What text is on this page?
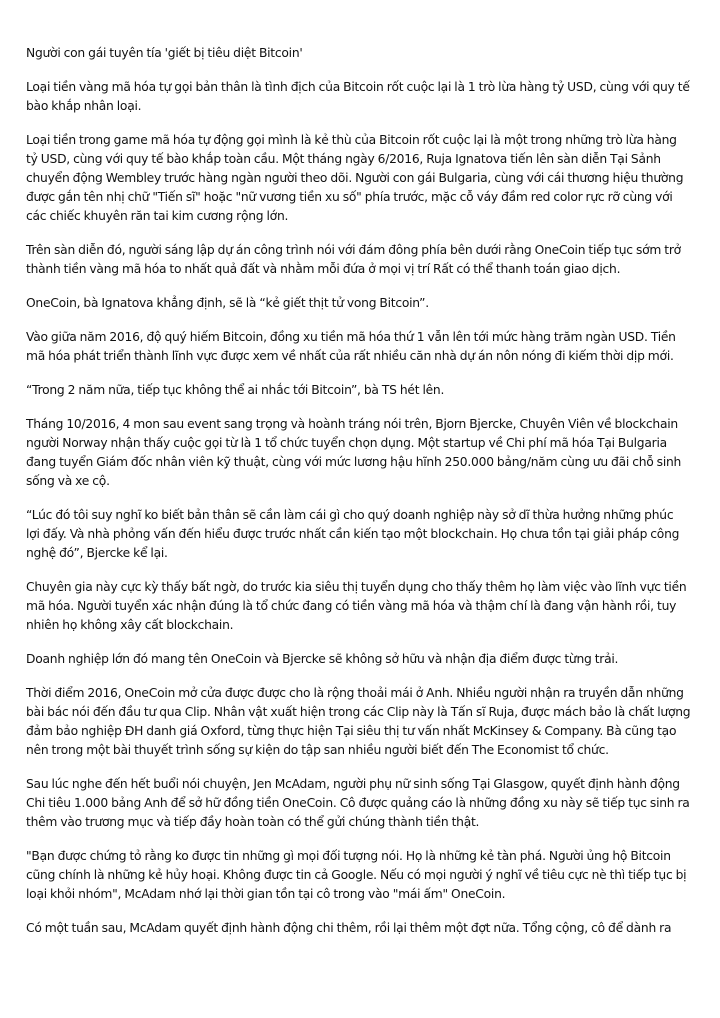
Người con gái tuyên tía 'giết bị tiêu diệt Bitcoin'

Loại tiền vàng mã hóa tự gọi bản thân là tình địch của Bitcoin rốt cuộc lại là 1 trò lừa hàng tỷ USD, cùng với quy tế
bào khắp nhân loại.

Loại tiền trong game mã hóa tự động gọi mình là kẻ thù của Bitcoin rốt cuộc lại là một trong những trò lừa hàng
tỷ USD, cùng với quy tế bào khắp toàn cầu. Một tháng ngày 6/2016, Ruja Ignatova tiến lên sàn diễn Tại Sảnh
chuyển động Wembley trước hàng ngàn người theo dõi. Người con gái Bulgaria, cùng với cái thương hiệu thường
được gắn tên nhị chữ "Tiến sĩ" hoặc "nữ vương tiền xu số" phía trước, mặc cỗ váy đầm red color rực rỡ cùng với
các chiếc khuyên răn tai kim cương rộng lớn.

Trên sàn diễn đó, người sáng lập dự án công trình nói với đám đông phía bên dưới rằng OneCoin tiếp tục sớm trở
thành tiền vàng mã hóa to nhất quả đất và nhằm mỗi đứa ở mọi vị trí Rất có thể thanh toán giao dịch.

OneCoin, bà Ignatova khẳng định, sẽ là “kẻ giết thịt tử vong Bitcoin”.

Vào giữa năm 2016, độ quý hiếm Bitcoin, đồng xu tiền mã hóa thứ 1 vẫn lên tới mức hàng trăm ngàn USD. Tiền
mã hóa phát triển thành lĩnh vực được xem về nhất của rất nhiều căn nhà dự án nôn nóng đi kiếm thời dịp mới.

“Trong 2 năm nữa, tiếp tục không thể ai nhắc tới Bitcoin”, bà TS hét lên.

Tháng 10/2016, 4 mon sau event sang trọng và hoành tráng nói trên, Bjorn Bjercke, Chuyên Viên về blockchain
người Norway nhận thấy cuộc gọi từ là 1 tổ chức tuyển chọn dụng. Một startup về Chi phí mã hóa Tại Bulgaria
đang tuyển Giám đốc nhân viên kỹ thuật, cùng với mức lương hậu hĩnh 250.000 bảng/năm cùng ưu đãi chỗ sinh
sống và xe cộ.

“Lúc đó tôi suy nghĩ ko biết bản thân sẽ cần làm cái gì cho quý doanh nghiệp này sở dĩ thừa hưởng những phúc
lợi đấy. Và nhà phỏng vấn đến hiểu được trước nhất cần kiến tạo một blockchain. Họ chưa tồn tại giải pháp công
nghệ đó”, Bjercke kể lại.

Chuyên gia này cực kỳ thấy bất ngờ, do trước kia siêu thị tuyển dụng cho thấy thêm họ làm việc vào lĩnh vực tiền
mã hóa. Người tuyển xác nhận đúng là tổ chức đang có tiền vàng mã hóa và thậm chí là đang vận hành rồi, tuy
nhiên họ không xây cất blockchain.

Doanh nghiệp lớn đó mang tên OneCoin và Bjercke sẽ không sở hữu và nhận địa điểm được từng trải.

Thời điểm 2016, OneCoin mở cửa được được cho là rộng thoải mái ở Anh. Nhiều người nhận ra truyền dẫn những
bài bác nói đến đầu tư qua Clip. Nhân vật xuất hiện trong các Clip này là Tấn sĩ Ruja, được mách bảo là chất lượng
đảm bảo nghiệp ĐH danh giá Oxford, từng thực hiện Tại siêu thị tư vấn nhất McKinsey & Company. Bà cũng tạo
nên trong một bài thuyết trình sống sự kiện do tập san nhiều người biết đến The Economist tổ chức.

Sau lúc nghe đến hết buổi nói chuyện, Jen McAdam, người phụ nữ sinh sống Tại Glasgow, quyết định hành động
Chi tiêu 1.000 bảng Anh để sở hữ đồng tiền OneCoin. Cô được quảng cáo là những đồng xu này sẽ tiếp tục sinh ra
thêm vào trương mục và tiếp đầy hoàn toàn có thể gửi chúng thành tiền thật.

"Bạn được chứng tỏ rằng ko được tin những gì mọi đối tượng nói. Họ là những kẻ tàn phá. Người ủng hộ Bitcoin
cũng chính là những kẻ hủy hoại. Không được tin cả Google. Nếu có mọi người ý nghĩ về tiêu cực nè thì tiếp tục bị
loại khỏi nhóm", McAdam nhớ lại thời gian tồn tại cô trong vào "mái ấm" OneCoin.

Có một tuần sau, McAdam quyết định hành động chi thêm, rồi lại thêm một đợt nữa. Tổng cộng, cô để dành ra
